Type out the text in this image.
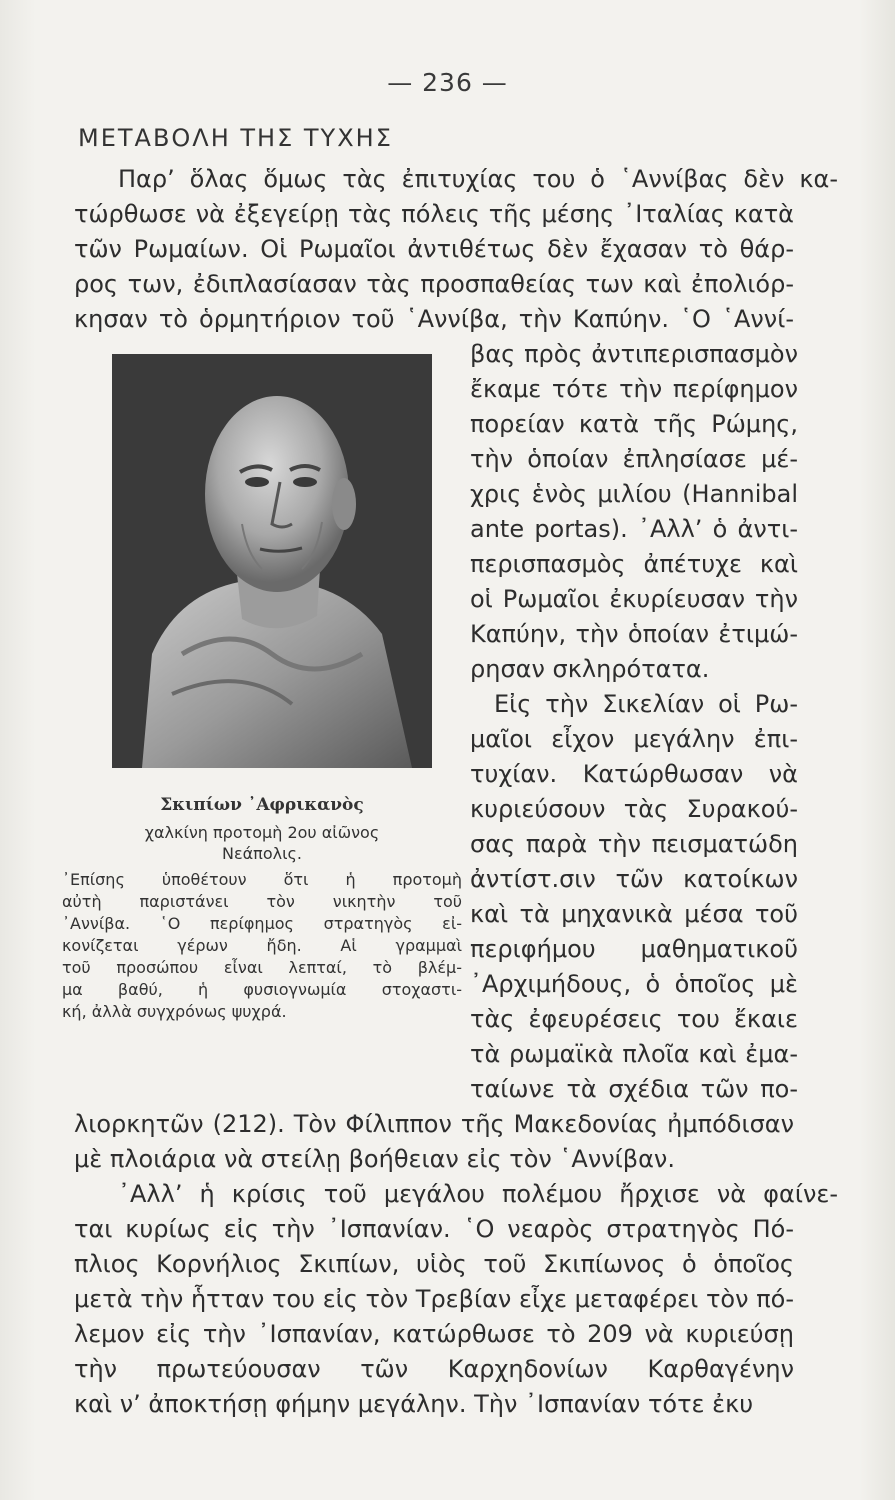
— 236 —
ΜΕΤΑΒΟΛΗ ΤΗΣ ΤΥΧΗΣ
Παρ’ ὅλας ὅμως τὰς ἐπιτυχίας του ὁ ῾Αννίβας δὲν κα-
τώρθωσε νὰ ἐξεγείρῃ τὰς πόλεις τῆς μέσης ᾿Ιταλίας κατὰ
τῶν Ρωμαίων. Οἱ Ρωμαῖοι ἀντιθέτως δὲν ἔχασαν τὸ θάρ-
ρος των, ἐδιπλασίασαν τὰς προσπαθείας των καὶ ἐπολιόρ-
κησαν τὸ ὁρμητήριον τοῦ ῾Αννίβα, τὴν Καπύην. ῾Ο ῾Αννί-
βας πρὸς ἀντιπερισπασμὸν
ἔκαμε τότε τὴν περίφημον
πορείαν κατὰ τῆς Ρώμης,
τὴν ὁποίαν ἐπλησίασε μέ-
χρις ἑνὸς μιλίου (Hannibal
ante portas). ᾿Αλλ’ ὁ ἀντι-
περισπασμὸς ἀπέτυχε καὶ
οἱ Ρωμαῖοι ἐκυρίευσαν τὴν
Καπύην, τὴν ὁποίαν ἐτιμώ-
ρησαν σκληρότατα.
Εἰς τὴν Σικελίαν οἱ Ρω-
μαῖοι εἶχον μεγάλην ἐπι-
τυχίαν. Κατώρθωσαν νὰ
κυριεύσουν τὰς Συρακού-
σας παρὰ τὴν πεισματώδη
ἀντίστ.σιν τῶν κατοίκων
καὶ τὰ μηχανικὰ μέσα τοῦ
περιφήμου μαθηματικοῦ
᾿Αρχιμήδους, ὁ ὁποῖος μὲ
τὰς ἐφευρέσεις του ἔκαιε
τὰ ρωμαϊκὰ πλοῖα καὶ ἐμα-
ταίωνε τὰ σχέδια τῶν πο-
Σκιπίων ᾿Αφρικανὸς
χαλκίνη προτομὴ 2ου αἰῶνος
Νεάπολις.
᾿Επίσης ὑποθέτουν ὅτι ἡ προτομὴ
αὐτὴ παριστάνει τὸν νικητὴν τοῦ
᾿Αννίβα. ῾Ο περίφημος στρατηγὸς εἰ-
κονίζεται γέρων ἤδη. Αἱ γραμμαὶ
τοῦ προσώπου εἶναι λεπταί, τὸ βλέμ-
μα βαθύ, ἡ φυσιογνωμία στοχαστι-
κή, ἀλλὰ συγχρόνως ψυχρά.
λιορκητῶν (212). Τὸν Φίλιππον τῆς Μακεδονίας ἠμπόδισαν
μὲ πλοιάρια νὰ στείλῃ βοήθειαν εἰς τὸν ῾Αννίβαν.
᾿Αλλ’ ἡ κρίσις τοῦ μεγάλου πολέμου ἤρχισε νὰ φαίνε-
ται κυρίως εἰς τὴν ᾿Ισπανίαν. ῾Ο νεαρὸς στρατηγὸς Πό-
πλιος Κορνήλιος Σκιπίων, υἱὸς τοῦ Σκιπίωνος ὁ ὁποῖος
μετὰ τὴν ἧτταν του εἰς τὸν Τρεβίαν εἶχε μεταφέρει τὸν πό-
λεμον εἰς τὴν ᾿Ισπανίαν, κατώρθωσε τὸ 209 νὰ κυριεύσῃ
τὴν πρωτεύουσαν τῶν Καρχηδονίων Καρθαγένην
καὶ ν’ ἀποκτήσῃ φήμην μεγάλην. Τὴν ᾿Ισπανίαν τότε ἐκυ
